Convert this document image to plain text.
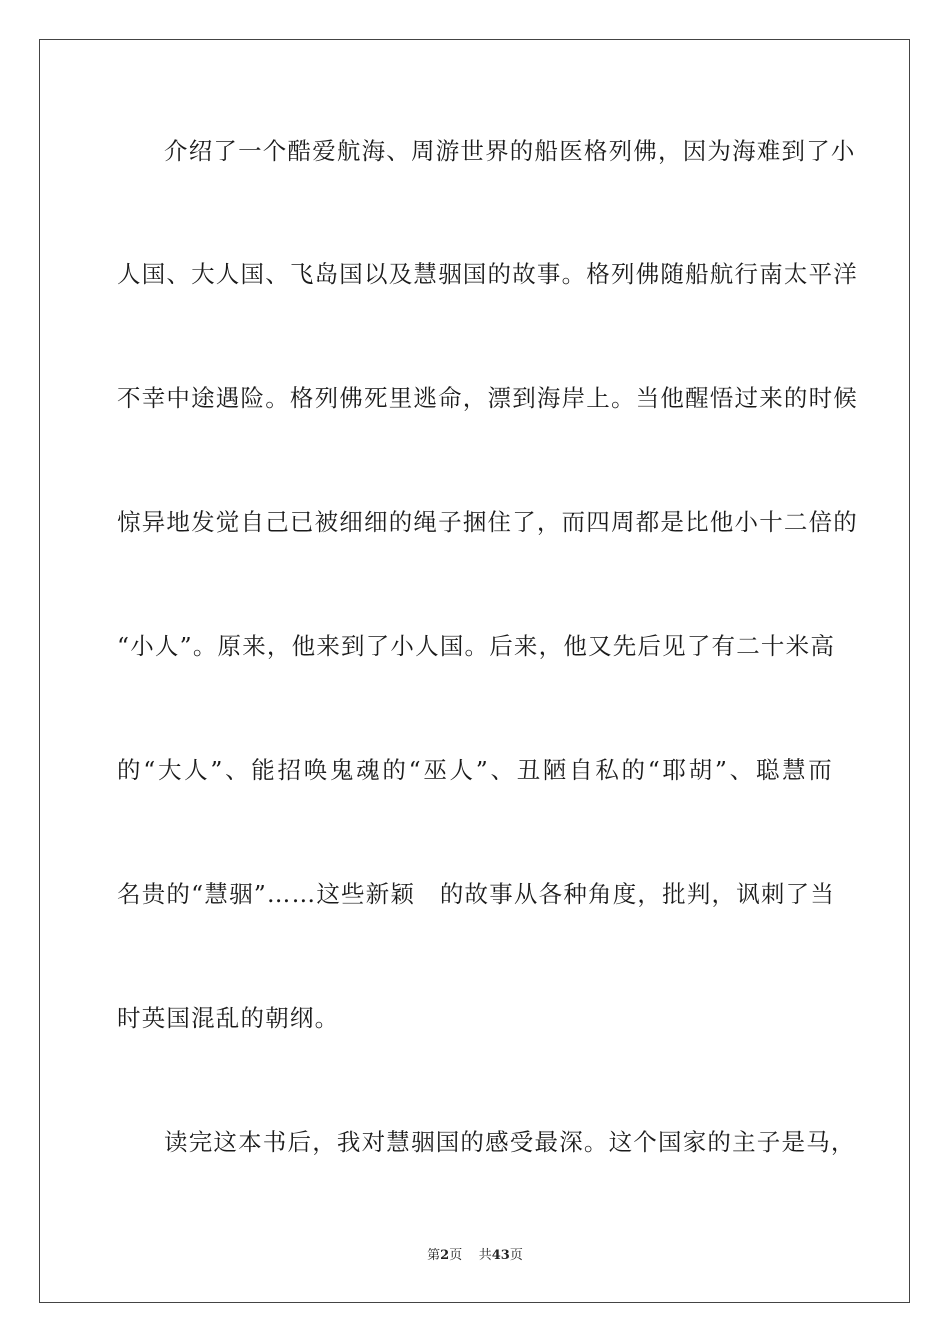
介绍了一个酷爱航海、周游世界的船医格列佛，因为海难到了小
人国、大人国、飞岛国以及慧骃国的故事。格列佛随船航行南太平洋
不幸中途遇险。格列佛死里逃命，漂到海岸上。当他醒悟过来的时候
惊异地发觉自己已被细细的绳子捆住了，而四周都是比他小十二倍的
“小人”。原来，他来到了小人国。后来，他又先后见了有二十米高
的“大人”、能招唤鬼魂的“巫人”、丑陋自私的“耶胡”、聪慧而
名贵的“慧骃”……这些新颖　的故事从各种角度，批判，讽刺了当
时英国混乱的朝纲。
读完这本书后，我对慧骃国的感受最深。这个国家的主子是马，
第2页 共43页
